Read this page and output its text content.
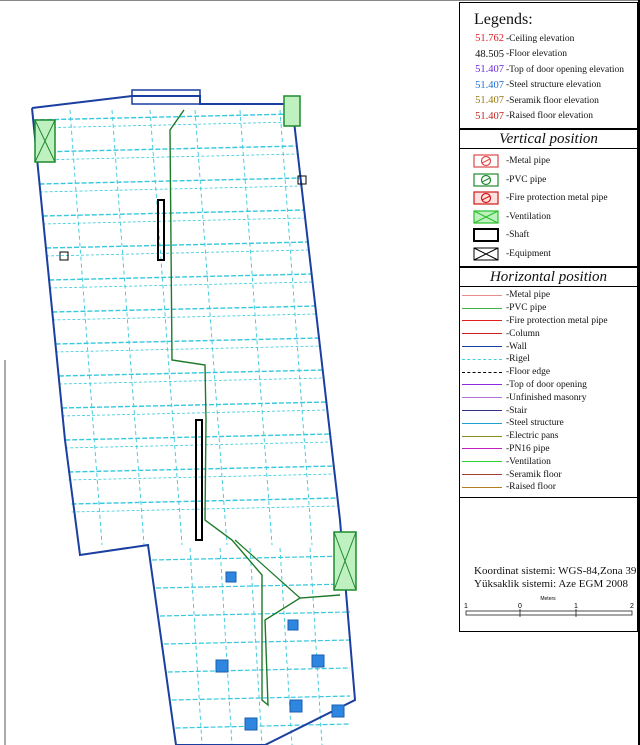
Legends:
51.762 -Ceiling elevation
48.505 -Floor elevation
51.407 -Top of door opening elevation
51.407 -Steel structure elevation
51.407 -Seramik floor elevation
51.407 -Raised floor elevation
Vertical position
-Metal pipe
-PVC pipe
-Fire protection metal pipe
-Ventilation
-Shaft
-Equipment
Horizontal position
-Metal pipe
-PVC pipe
-Fire protection metal pipe
-Column
-Wall
-Rigel
-Floor edge
-Top of door opening
-Unfinished masonry
-Stair
-Steel structure
-Electric pans
-PN16 pipe
-Ventilation
-Seramik floor
-Raised floor
Koordinat sistemi: WGS-84,Zona 39
Yüksaklik sistemi: Aze EGM 2008
Meters
1	0	1	2
